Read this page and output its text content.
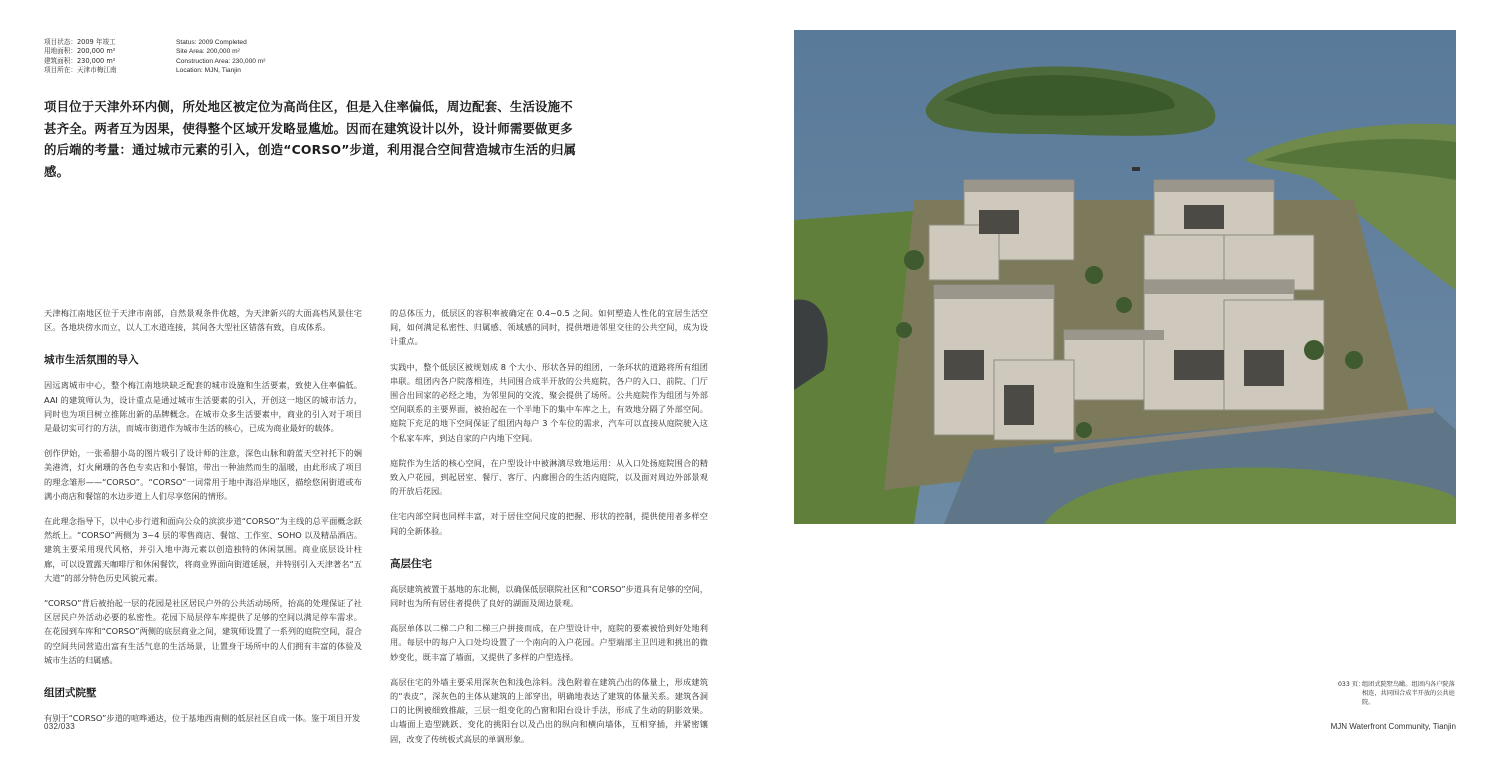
项目状态：2009 年竣工
用地面积：200,000 m²
建筑面积：230,000 m²
项目所在：天津市梅江南
Status: 2009 Completed
Site Area: 200,000 m²
Construction Area: 230,000 m²
Location: MJN, Tianjin
项目位于天津外环内侧，所处地区被定位为高尚住区，但是入住率偏低，周边配套、生活设施不甚齐全。两者互为因果，使得整个区域开发略显尴尬。因而在建筑设计以外，设计师需要做更多的后端的考量：通过城市元素的引入，创造“CORSO”步道，利用混合空间营造城市生活的归属感。

天津梅江南地区位于天津市南部，自然景观条件优越，为天津新兴的大面高档风景住宅区。各地块傍水而立，以人工水道连接，其间各大型社区错落有致，自成体系。

城市生活氛围的导入

因远离城市中心，整个梅江南地块缺乏配套的城市设施和生活要素，致使入住率偏低。AAI 的建筑师认为，设计重点是通过城市生活要素的引入，开创这一地区的城市活力，同时也为项目树立推陈出新的品牌概念。在城市众多生活要素中，商业的引入对于项目是最切实可行的方法，而城市街道作为城市生活的核心，已成为商业最好的载体。

创作伊始，一张希腊小岛的图片吸引了设计师的注意，深色山脉和蔚蓝天空衬托下的娴美港湾，灯火阑珊的各色专卖店和小餐馆，带出一种油然而生的温暖，由此形成了项目的理念雏形——“CORSO”。“CORSO”一词常用于地中海沿岸地区，描绘悠闲街道或布满小商店和餐馆的水边步道上人们尽享悠闲的情形。

在此理念指导下，以中心步行道和面向公众的滨滨步道“CORSO”为主线的总平面概念跃然纸上。“CORSO”两侧为 3~4 层的零售商店、餐馆、工作室、SOHO 以及精品酒店。建筑主要采用现代风格，并引入地中海元素以创造独特的休闲氛围。商业底层设计柱廊，可以设置露天咖啡厅和休闲餐饮，将商业界面向街道延展，并特别引入天津著名“五大道”的部分特色历史风貌元素。

“CORSO”背后被抬起一层的花园是社区居民户外的公共活动场所，抬高的处理保证了社区居民户外活动必要的私密性。花园下局层停车库提供了足够的空间以满足停车需求。在花园到车库和“CORSO”两侧的底层商业之间，建筑师设置了一系列的庭院空间，混合的空间共同营造出富有生活气息的生活场景，让置身于场所中的人们拥有丰富的体验及城市生活的归属感。

组团式院墅

有别于“CORSO”步道的喧哗通达，位于基地西南侧的低层社区自成一体。鉴于项目开发

的总体压力，低层区的容积率被确定在 0.4~0.5 之间。如何塑造人性化的宜居生活空间，如何满足私密性、归属感、领域感的同时，提供增进邻里交往的公共空间，成为设计重点。

实践中，整个低层区被规划成 8 个大小、形状各异的组团，一条环状的道路将所有组团串联。组团内各户院落相连，共同围合成半开放的公共庭院，各户的入口、前院、门厅围合出回家的必经之地，为邻里间的交流、聚会提供了场所。公共庭院作为组团与外部空间联系的主要界面，被抬起在一个半地下的集中车库之上，有效地分隔了外部空间。庭院下充足的地下空间保证了组团内每户 3 个车位的需求，汽车可以直接从庭院驶入这个私家车库，到达自家的户内地下空间。

庭院作为生活的核心空间，在户型设计中被淋漓尽致地运用：从入口处扬庭院围合的精致入户花园，到起居室、餐厅、客厅、内廊围合的生活内庭院，以及面对周边外部景观的开放后花园。

住宅内部空间也同样丰富，对于居住空间尺度的把握、形状的控制，提供使用者多样空间的全新体验。

高层住宅

高层建筑被置于基地的东北侧，以确保低层联院社区和“CORSO”步道具有足够的空间，同时也为所有居住者提供了良好的湖面及周边景观。

高层单体以二梯二户和二梯三户拼接而成，在户型设计中，庭院的要素被恰到好处地利用。每层中的每户入口处均设置了一个南向的入户花园。户型端部主卫凹进和挑出的微妙变化，既丰富了墙面，又提供了多样的户型选择。

高层住宅的外墙主要采用深灰色和浅色涂料。浅色附着在建筑凸出的体量上，形成建筑的“表皮”，深灰色的主体从建筑的上部穿出，明确地表达了建筑的体量关系。建筑各洞口的比例被细致推敲，三层一组变化的凸窗和阳台设计手法，形成了生动的阴影效果。山墙面上造型跳跃、变化的挑阳台以及凸出的纵向和横向墙体，互相穿插，并紧密镶固，改变了传统板式高层的单调形象。

033 页：
组团式院墅鸟瞰。组团内各户院落相连，共同围合成半开放的公共庭院。
032/033	MJN Waterfront Community, Tianjin
